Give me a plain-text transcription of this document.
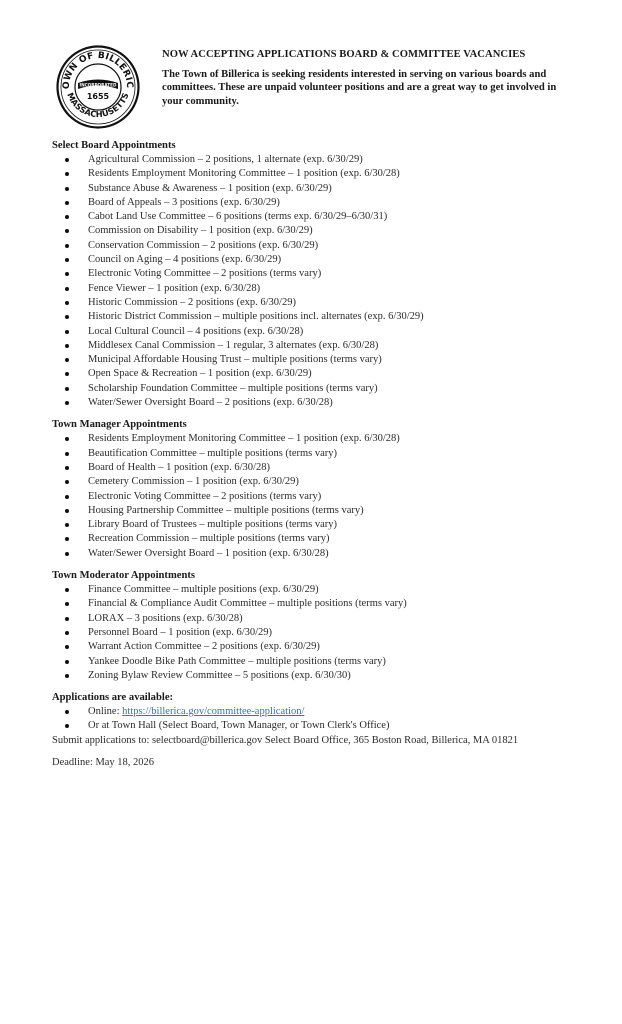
OWN OF BILLERIC
MASSACHUSETTS
INCORPORATED
1655

NOW ACCEPTING APPLICATIONS BOARD & COMMITTEE VACANCIES

The Town of Billerica is seeking residents interested in serving on various boards and committees. These are unpaid volunteer positions and are a great way to get involved in your community.

Select Board Appointments

Agricultural Commission – 2 positions, 1 alternate (exp. 6/30/29)
Residents Employment Monitoring Committee – 1 position (exp. 6/30/28)
Substance Abuse & Awareness – 1 position (exp. 6/30/29)
Board of Appeals – 3 positions (exp. 6/30/29)
Cabot Land Use Committee – 6 positions (terms exp. 6/30/29–6/30/31)
Commission on Disability – 1 position (exp. 6/30/29)
Conservation Commission – 2 positions (exp. 6/30/29)
Council on Aging – 4 positions (exp. 6/30/29)
Electronic Voting Committee – 2 positions (terms vary)
Fence Viewer – 1 position (exp. 6/30/28)
Historic Commission – 2 positions (exp. 6/30/29)
Historic District Commission – multiple positions incl. alternates (exp. 6/30/29)
Local Cultural Council – 4 positions (exp. 6/30/28)
Middlesex Canal Commission – 1 regular, 3 alternates (exp. 6/30/28)
Municipal Affordable Housing Trust – multiple positions (terms vary)
Open Space & Recreation – 1 position (exp. 6/30/29)
Scholarship Foundation Committee – multiple positions (terms vary)
Water/Sewer Oversight Board – 2 positions (exp. 6/30/28)

Town Manager Appointments

Residents Employment Monitoring Committee – 1 position (exp. 6/30/28)
Beautification Committee – multiple positions (terms vary)
Board of Health – 1 position (exp. 6/30/28)
Cemetery Commission – 1 position (exp. 6/30/29)
Electronic Voting Committee – 2 positions (terms vary)
Housing Partnership Committee – multiple positions (terms vary)
Library Board of Trustees – multiple positions (terms vary)
Recreation Commission – multiple positions (terms vary)
Water/Sewer Oversight Board – 1 position (exp. 6/30/28)

Town Moderator Appointments

Finance Committee – multiple positions (exp. 6/30/29)
Financial & Compliance Audit Committee – multiple positions (terms vary)
LORAX – 3 positions (exp. 6/30/28)
Personnel Board – 1 position (exp. 6/30/29)
Warrant Action Committee – 2 positions (exp. 6/30/29)
Yankee Doodle Bike Path Committee – multiple positions (terms vary)
Zoning Bylaw Review Committee – 5 positions (exp. 6/30/30)

Applications are available:

Online: https://billerica.gov/committee-application/
Or at Town Hall (Select Board, Town Manager, or Town Clerk's Office)
Submit applications to: selectboard@billerica.gov Select Board Office, 365 Boston Road, Billerica, MA 01821
Deadline: May 18, 2026
